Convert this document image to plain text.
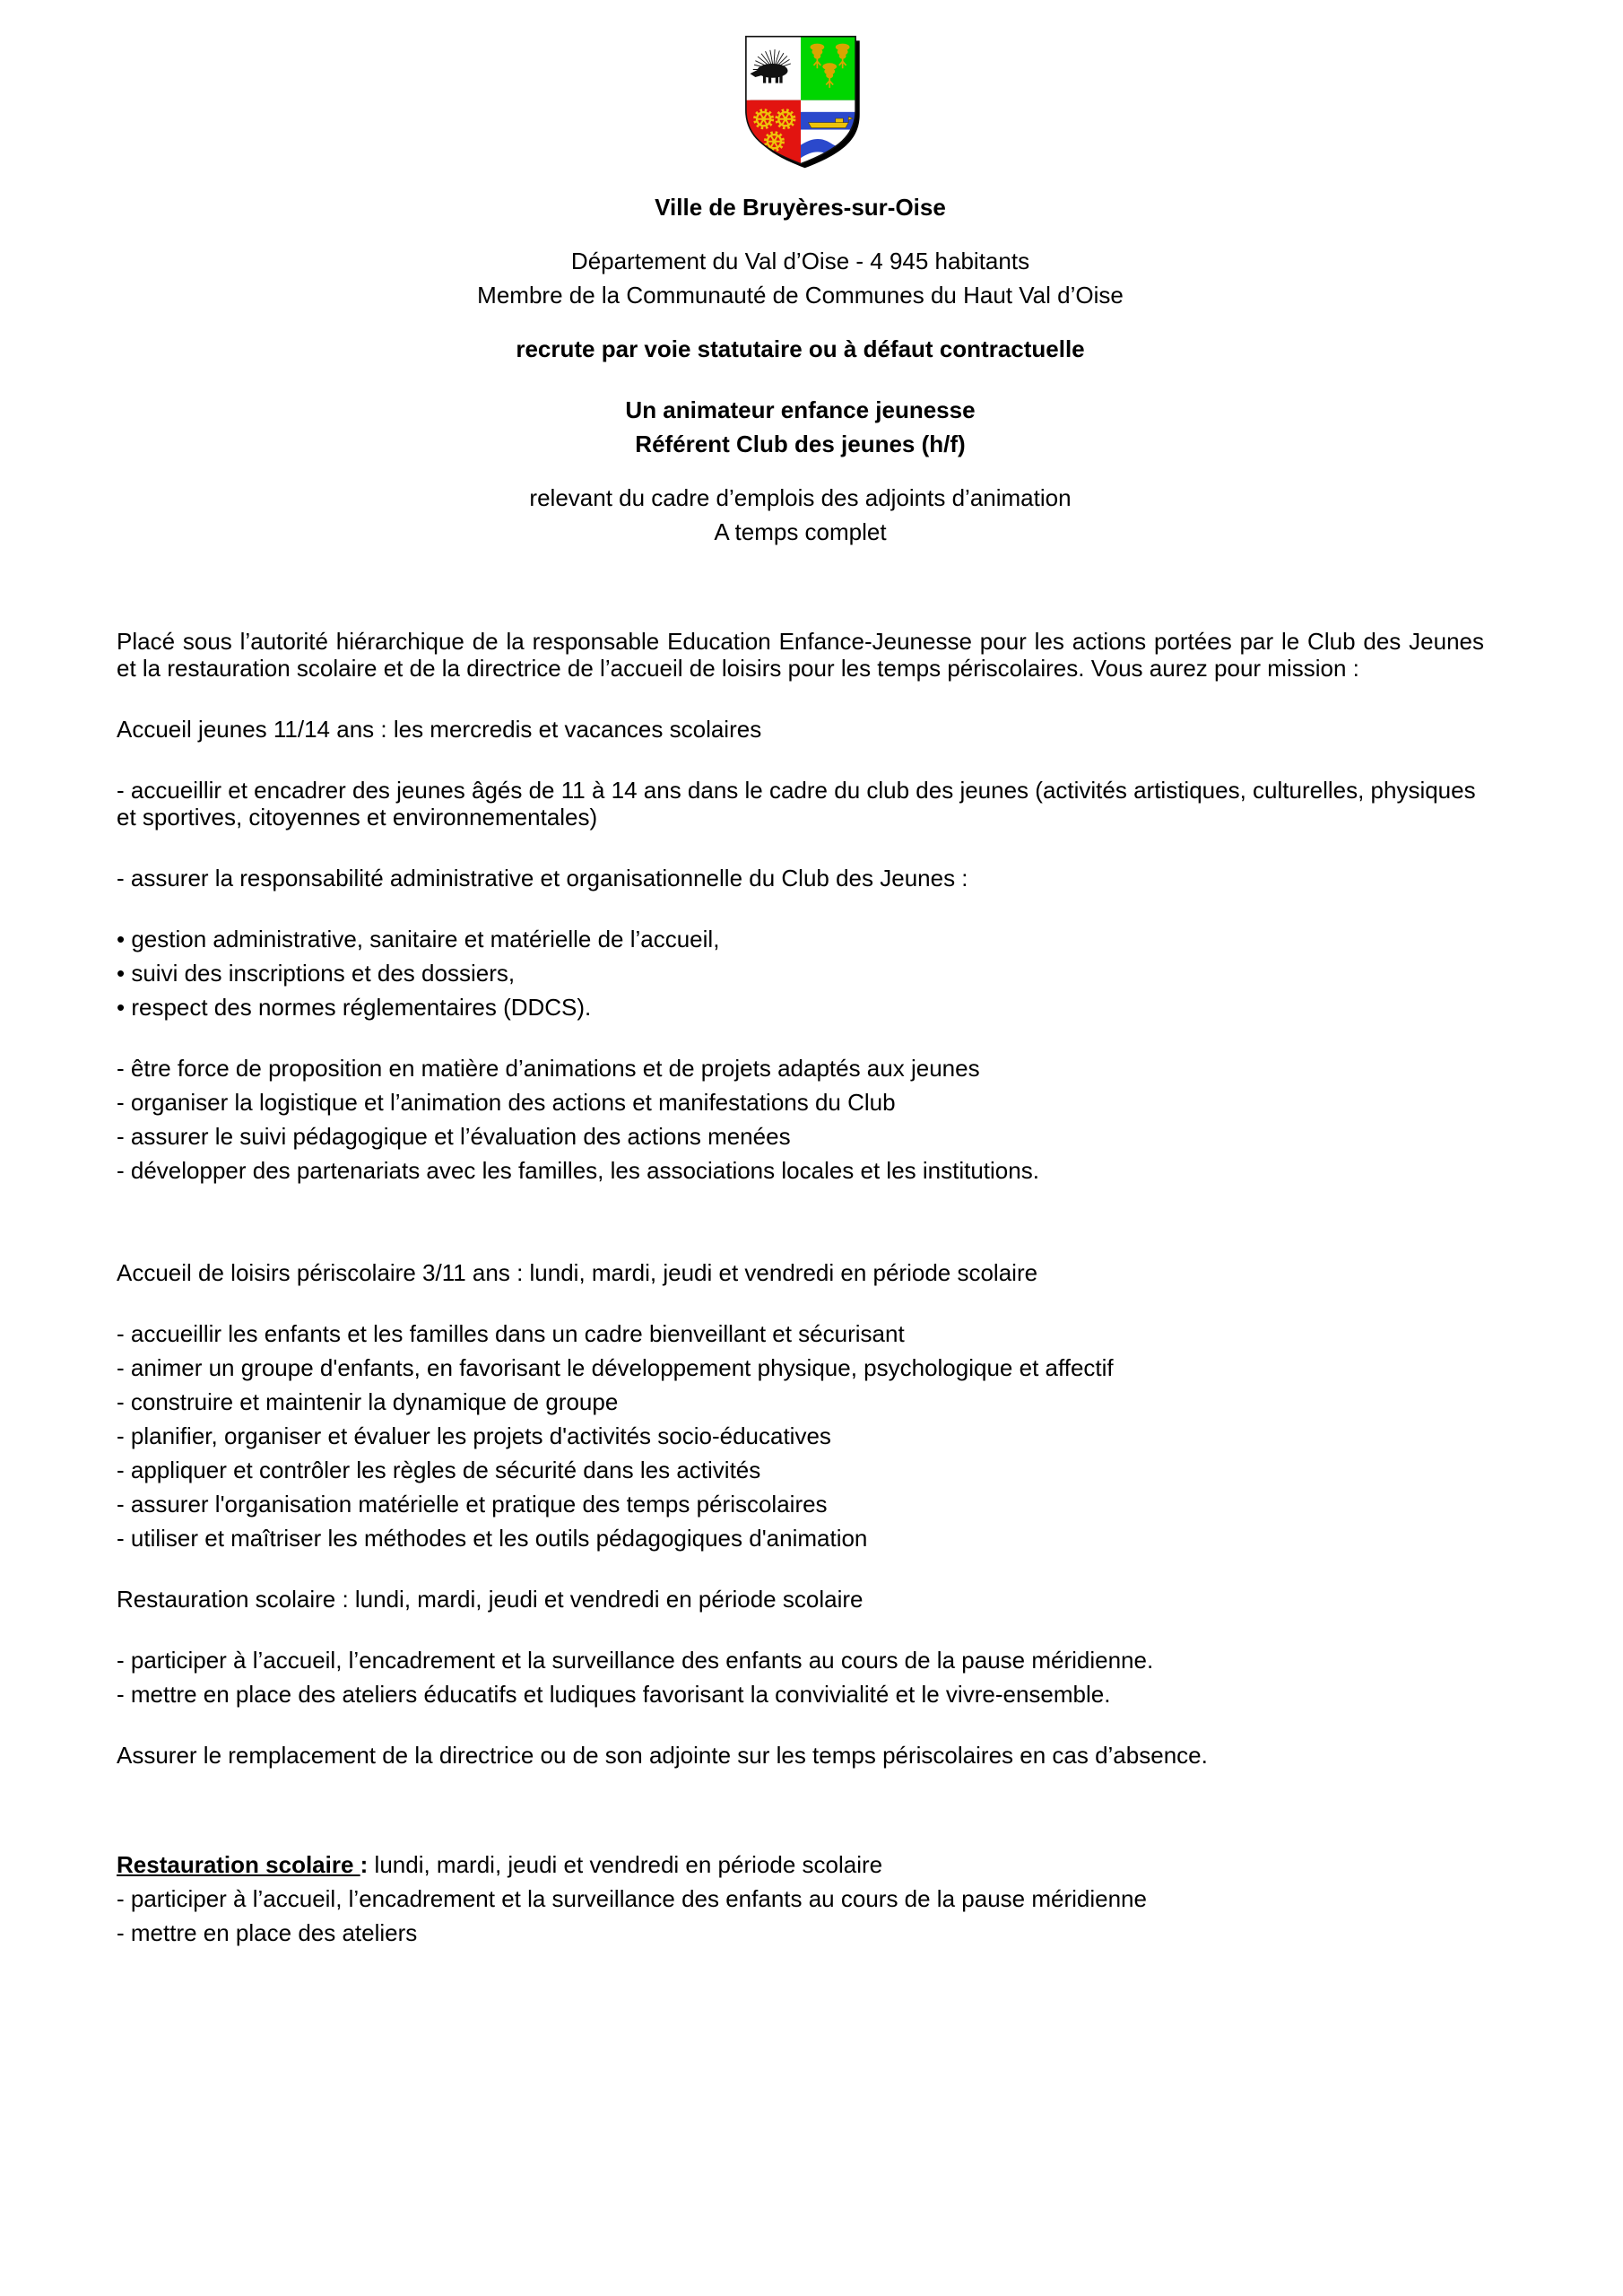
Ville de Bruyères-sur-Oise

Département du Val d’Oise - 4 945 habitants

Membre de la Communauté de Communes du Haut Val d’Oise

recrute par voie statutaire ou à défaut contractuelle

Un animateur enfance jeunesse

Référent Club des jeunes (h/f)

relevant du cadre d’emplois des adjoints d’animation

A temps complet

Placé sous l’autorité hiérarchique de la responsable Education Enfance-Jeunesse pour les actions portées par le Club des Jeunes et la restauration scolaire et de la directrice de l’accueil de loisirs pour les temps périscolaires. Vous aurez pour mission :

Accueil jeunes 11/14 ans : les mercredis et vacances scolaires

- accueillir et encadrer des jeunes âgés de 11 à 14 ans dans le cadre du club des jeunes (activités artistiques, culturelles, physiques et sportives, citoyennes et environnementales)

- assurer la responsabilité administrative et organisationnelle du Club des Jeunes :

• gestion administrative, sanitaire et matérielle de l’accueil,

• suivi des inscriptions et des dossiers,

• respect des normes réglementaires (DDCS).

- être force de proposition en matière d’animations et de projets adaptés aux jeunes

- organiser la logistique et l’animation des actions et manifestations du Club

- assurer le suivi pédagogique et l’évaluation des actions menées

- développer des partenariats avec les familles, les associations locales et les institutions.

Accueil de loisirs périscolaire 3/11 ans : lundi, mardi, jeudi et vendredi en période scolaire

- accueillir les enfants et les familles dans un cadre bienveillant et sécurisant

- animer un groupe d'enfants, en favorisant le développement physique, psychologique et affectif

- construire et maintenir la dynamique de groupe

- planifier, organiser et évaluer les projets d'activités socio-éducatives

- appliquer et contrôler les règles de sécurité dans les activités

- assurer l'organisation matérielle et pratique des temps périscolaires

- utiliser et maîtriser les méthodes et les outils pédagogiques d'animation

Restauration scolaire : lundi, mardi, jeudi et vendredi en période scolaire

- participer à l’accueil, l’encadrement et la surveillance des enfants au cours de la pause méridienne.

- mettre en place des ateliers éducatifs et ludiques favorisant la convivialité et le vivre-ensemble.

Assurer le remplacement de la directrice ou de son adjointe sur les temps périscolaires en cas d’absence.

Restauration scolaire : lundi, mardi, jeudi et vendredi en période scolaire

- participer à l’accueil, l’encadrement et la surveillance des enfants au cours de la pause méridienne

- mettre en place des ateliers
